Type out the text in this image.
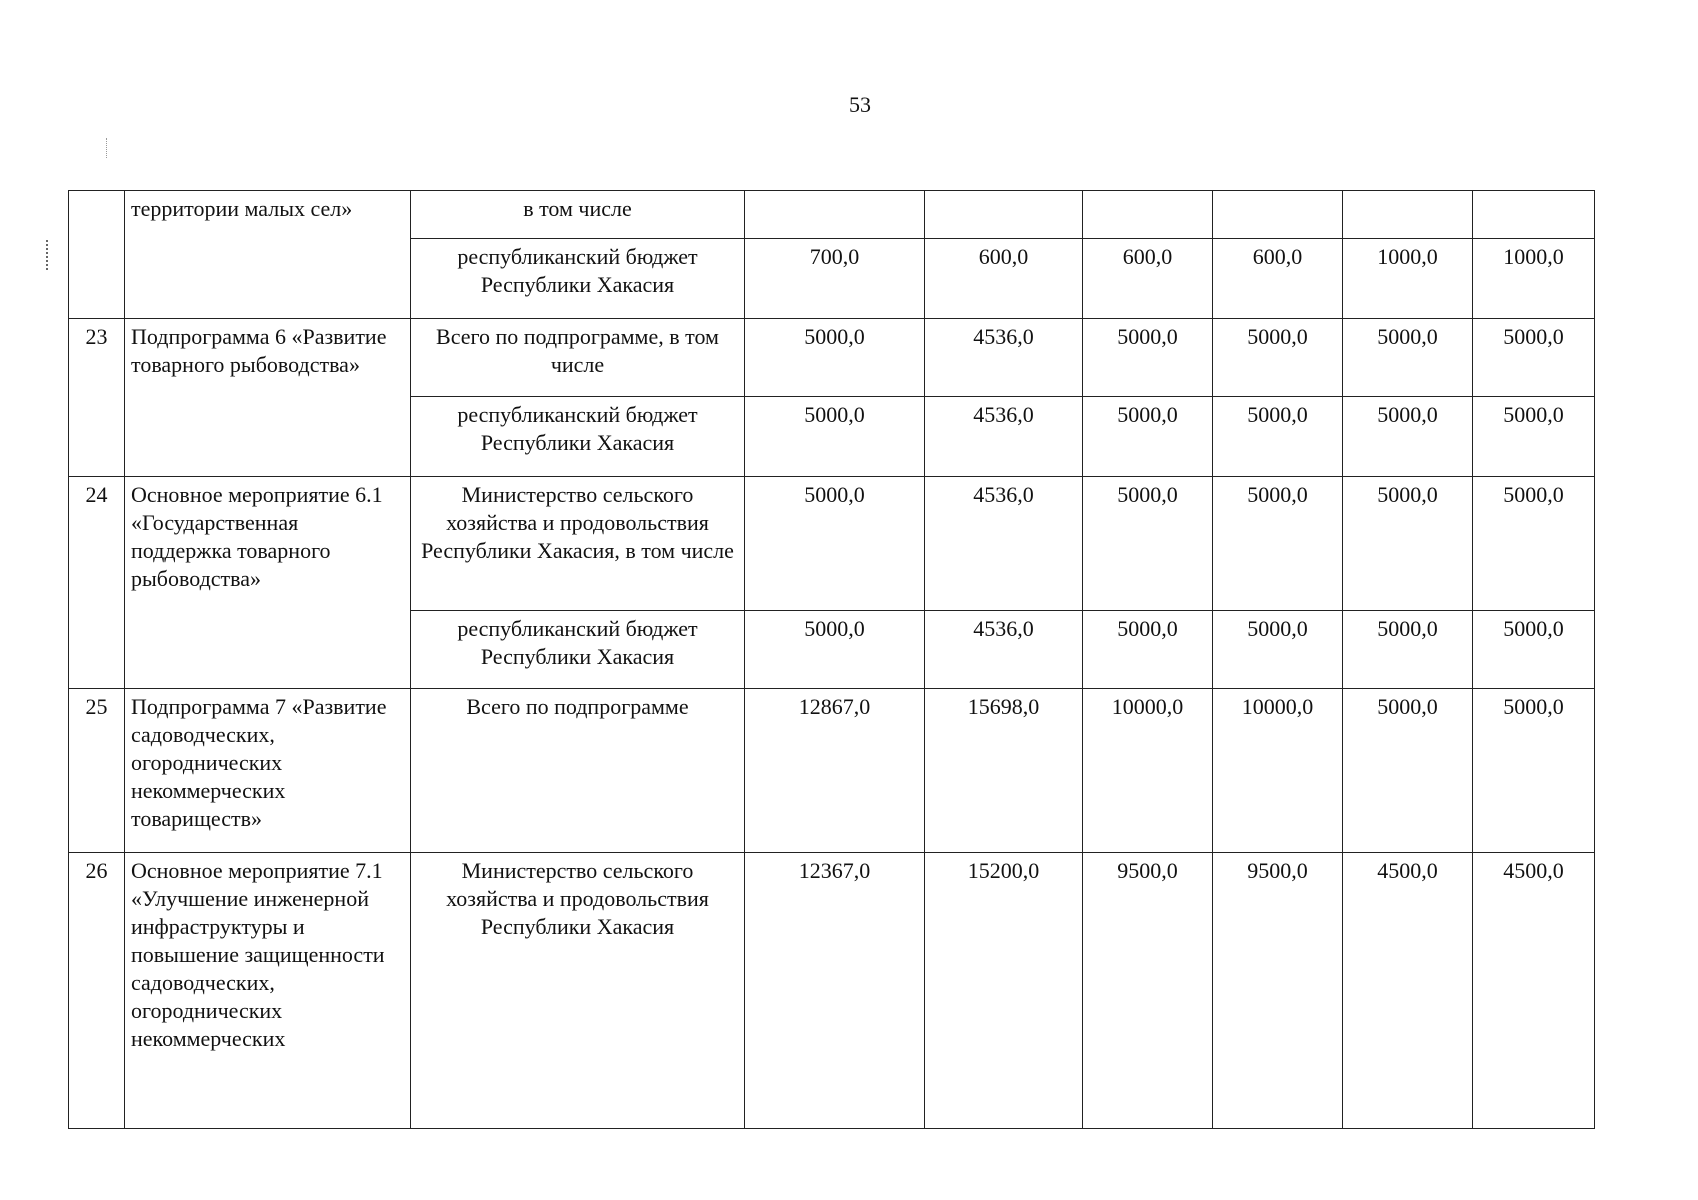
53
	территории малых сел»	в том числе						
		республиканский бюджет Республики Хакасия	700,0	600,0	600,0	600,0	1000,0	1000,0
23	Подпрограмма 6 «Развитие товарного рыбоводства»	Всего по подпрограмме, в том числе	5000,0	4536,0	5000,0	5000,0	5000,0	5000,0
		республиканский бюджет Республики Хакасия	5000,0	4536,0	5000,0	5000,0	5000,0	5000,0
24	Основное мероприятие 6.1 «Государственная поддержка товарного рыбоводства»	Министерство сельского хозяйства и продовольствия Республики Хакасия, в том числе	5000,0	4536,0	5000,0	5000,0	5000,0	5000,0
		республиканский бюджет Республики Хакасия	5000,0	4536,0	5000,0	5000,0	5000,0	5000,0
25	Подпрограмма 7 «Развитие садоводческих, огороднических некоммерческих товариществ»	Всего по подпрограмме	12867,0	15698,0	10000,0	10000,0	5000,0	5000,0
26	Основное мероприятие 7.1 «Улучшение инженерной инфраструктуры и повышение защищенности садоводческих, огороднических некоммерческих	Министерство сельского хозяйства и продовольствия Республики Хакасия	12367,0	15200,0	9500,0	9500,0	4500,0	4500,0
